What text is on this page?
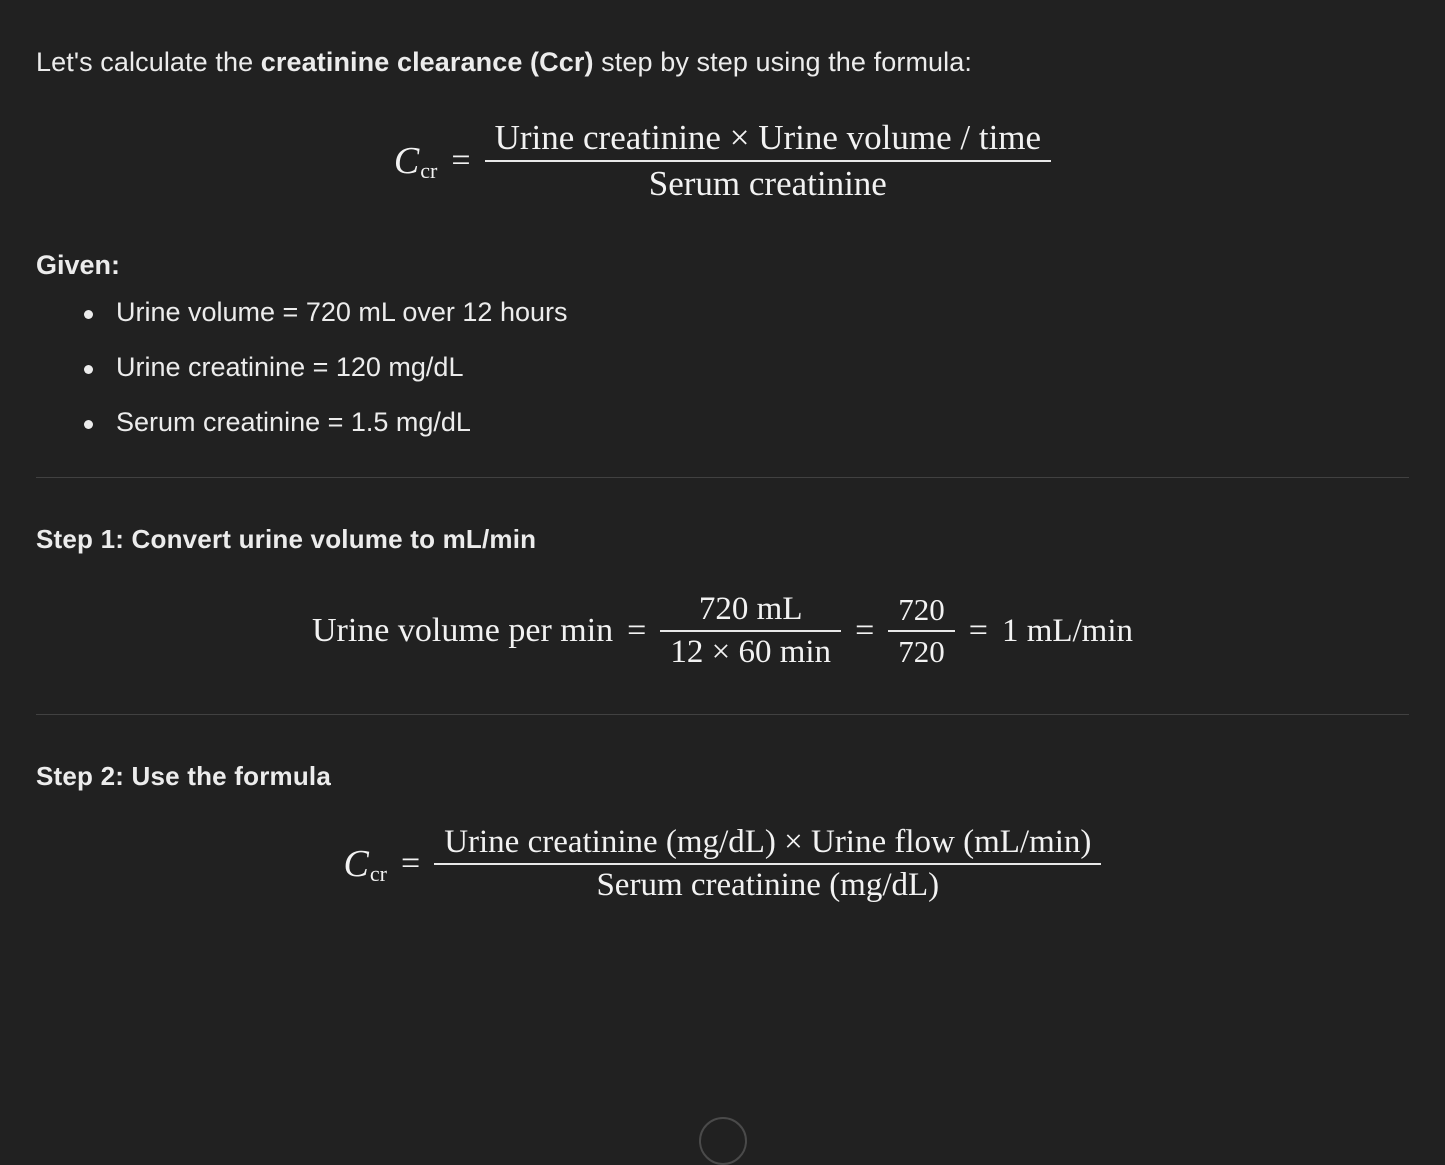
Let's calculate the creatinine clearance (Ccr) step by step using the formula:

$C_{cr} = \frac{\text{Urine creatinine × Urine volume / time}}{\text{Serum creatinine}}$
Given:
Urine volume = 720 mL over 12 hours
Urine creatinine = 120 mg/dL
Serum creatinine = 1.5 mg/dL
Step 1: Convert urine volume to mL/min
Urine volume per $\min = \frac{720 mL}{12 \times 60 \min} = \frac{720}{720} = 1$ mL/min
Step 2: Use the formula
$C_{cr} = \frac{\text{Urine creatinine (mg/dL) × Urine flow (mL/min)}}{\text{Serum creatinine (mg/dL)}}$
